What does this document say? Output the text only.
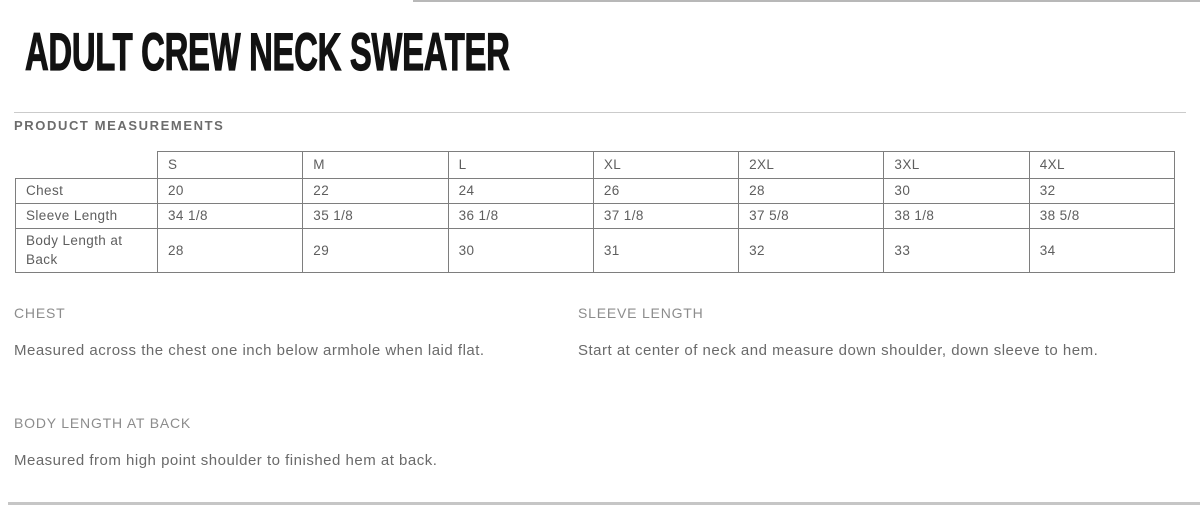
ADULT CREW NECK SWEATER
PRODUCT MEASUREMENTS
	S	M	L	XL	2XL	3XL	4XL
Chest	20	22	24	26	28	30	32
Sleeve Length	34 1/8	35 1/8	36 1/8	37 1/8	37 5/8	38 1/8	38 5/8
Body Length at Back	28	29	30	31	32	33	34
CHEST
Measured across the chest one inch below armhole when laid flat.
SLEEVE LENGTH
Start at center of neck and measure down shoulder, down sleeve to hem.
BODY LENGTH AT BACK
Measured from high point shoulder to finished hem at back.
